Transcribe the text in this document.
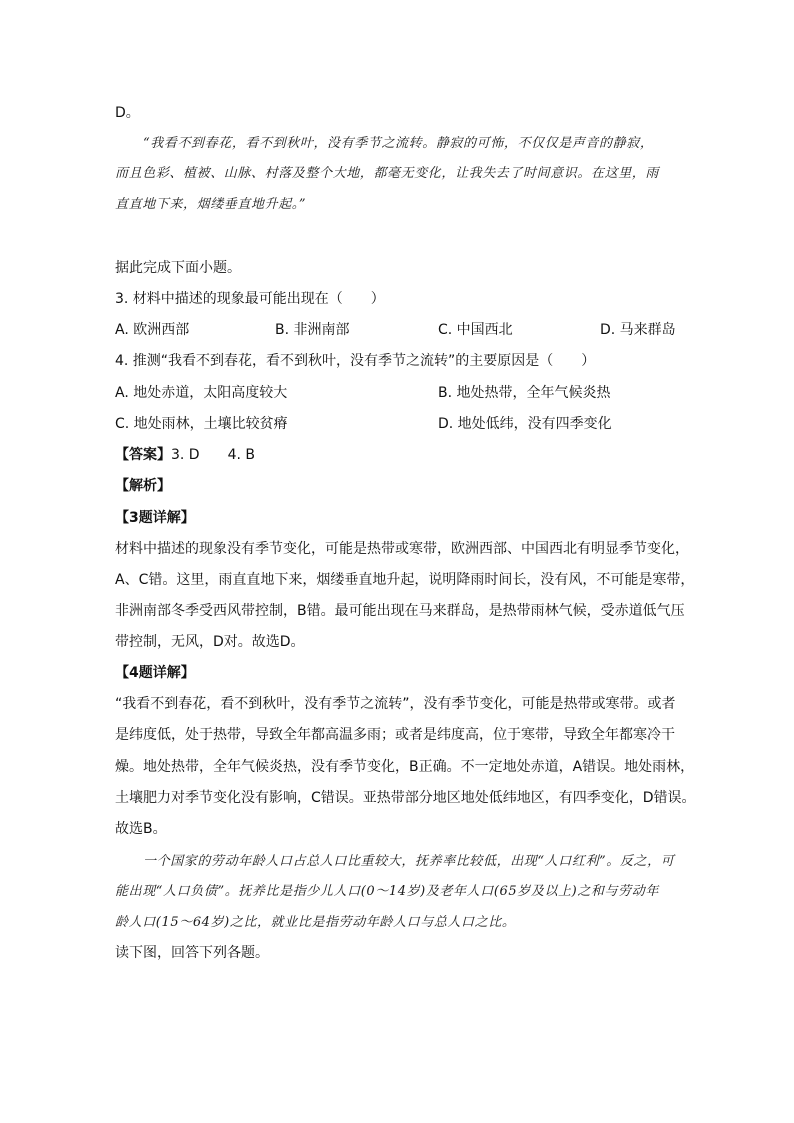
D。
“我看不到春花，看不到秋叶，没有季节之流转。静寂的可怖，不仅仅是声音的静寂，
而且色彩、植被、山脉、村落及整个大地，都毫无变化，让我失去了时间意识。在这里，雨
直直地下来，烟缕垂直地升起。”
据此完成下面小题。
3. 材料中描述的现象最可能出现在（　　）
A. 欧洲西部	B. 非洲南部	C. 中国西北	D. 马来群岛
4. 推测“我看不到春花，看不到秋叶，没有季节之流转”的主要原因是（　　）
A. 地处赤道，太阳高度较大	B. 地处热带，全年气候炎热
C. 地处雨林，土壤比较贫瘠	D. 地处低纬，没有四季变化
【答案】3. D　　4. B
【解析】
【3题详解】
材料中描述的现象没有季节变化，可能是热带或寒带，欧洲西部、中国西北有明显季节变化，
A、C错。这里，雨直直地下来，烟缕垂直地升起，说明降雨时间长，没有风，不可能是寒带，
非洲南部冬季受西风带控制，B错。最可能出现在马来群岛，是热带雨林气候，受赤道低气压
带控制，无风，D对。故选D。
【4题详解】
“我看不到春花，看不到秋叶，没有季节之流转”，没有季节变化，可能是热带或寒带。或者
是纬度低，处于热带，导致全年都高温多雨；或者是纬度高，位于寒带，导致全年都寒冷干
燥。地处热带，全年气候炎热，没有季节变化，B正确。不一定地处赤道，A错误。地处雨林，
土壤肥力对季节变化没有影响，C错误。亚热带部分地区地处低纬地区，有四季变化，D错误。
故选B。
一个国家的劳动年龄人口占总人口比重较大，抚养率比较低，出现“人口红利”。反之，可
能出现“人口负债”。抚养比是指少儿人口(0～14岁)及老年人口(65岁及以上)之和与劳动年
龄人口(15～64岁)之比，就业比是指劳动年龄人口与总人口之比。
读下图，回答下列各题。
